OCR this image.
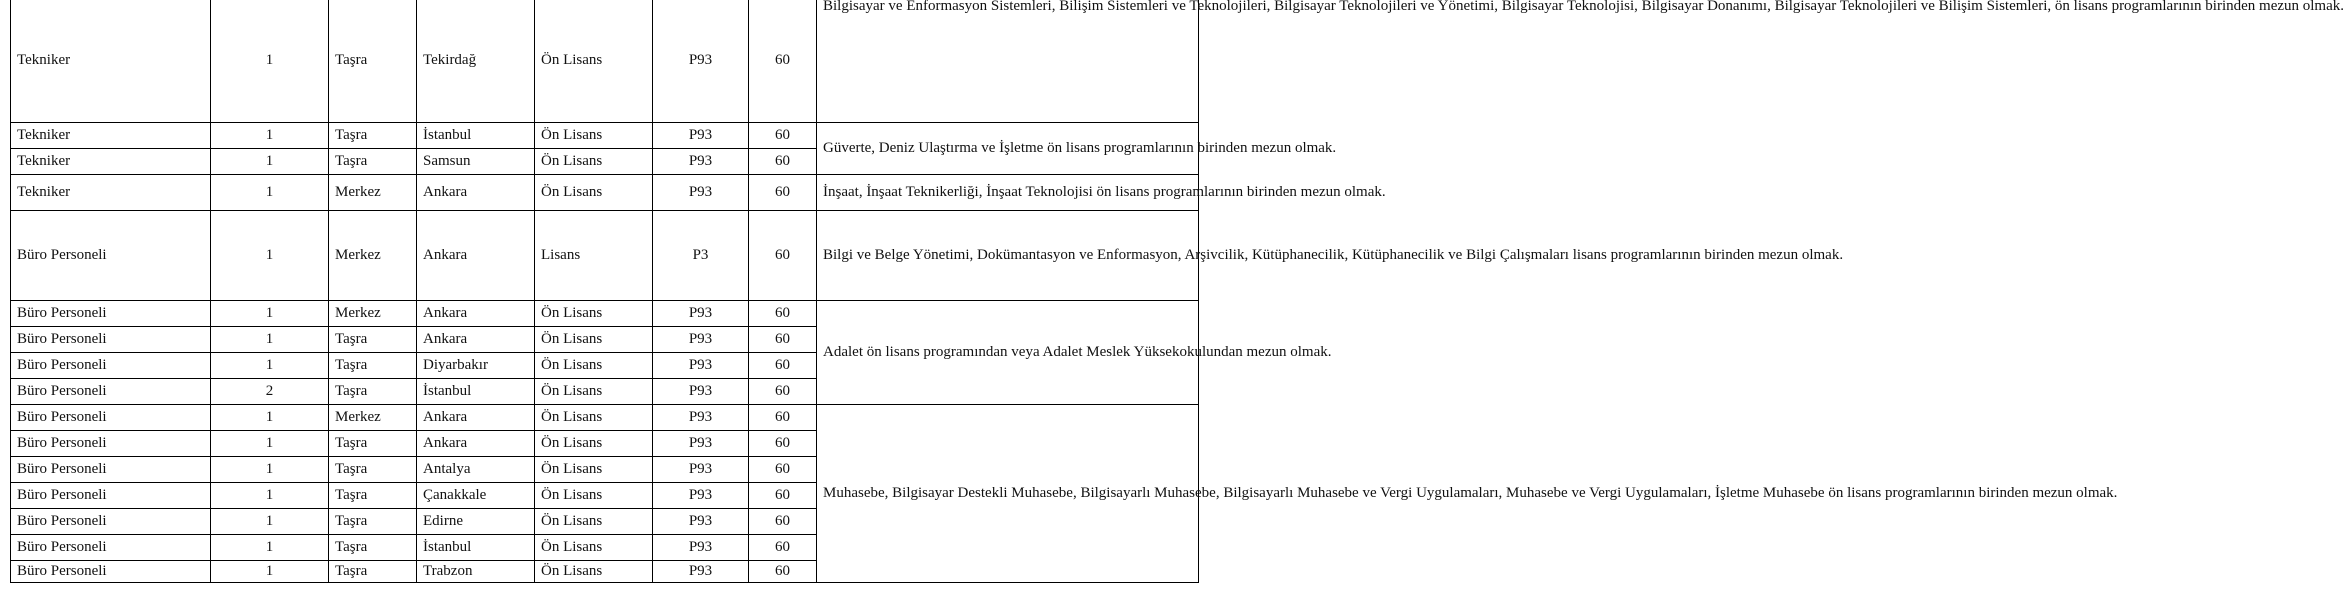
Tekniker	1	Taşra	Tekirdağ	Ön Lisans	P93	60	Bilgisayar ve Enformasyon Sistemleri, Bilişim Sistemleri ve Teknolojileri, Bilgisayar Teknolojileri ve Yönetimi, Bilgisayar Teknolojisi, Bilgisayar Donanımı, Bilgisayar Teknolojileri ve Bilişim Sistemleri, ön lisans programlarının birinden mezun olmak.
Tekniker	1	Taşra	İstanbul	Ön Lisans	P93	60	Güverte, Deniz Ulaştırma ve İşletme ön lisans programlarının birinden mezun olmak.
Tekniker	1	Taşra	Samsun	Ön Lisans	P93	60	
Tekniker	1	Merkez	Ankara	Ön Lisans	P93	60	İnşaat, İnşaat Teknikerliği, İnşaat Teknolojisi ön lisans programlarının birinden mezun olmak.
Büro Personeli	1	Merkez	Ankara	Lisans	P3	60	Bilgi ve Belge Yönetimi, Dokümantasyon ve Enformasyon, Arşivcilik, Kütüphanecilik, Kütüphanecilik ve Bilgi Çalışmaları lisans programlarının birinden mezun olmak.
Büro Personeli	1	Merkez	Ankara	Ön Lisans	P93	60	Adalet ön lisans programından veya Adalet Meslek Yüksekokulundan mezun olmak.
Büro Personeli	1	Taşra	Ankara	Ön Lisans	P93	60	
Büro Personeli	1	Taşra	Diyarbakır	Ön Lisans	P93	60	
Büro Personeli	2	Taşra	İstanbul	Ön Lisans	P93	60	
Büro Personeli	1	Merkez	Ankara	Ön Lisans	P93	60	Muhasebe, Bilgisayar Destekli Muhasebe, Bilgisayarlı Muhasebe, Bilgisayarlı Muhasebe ve Vergi Uygulamaları, Muhasebe ve Vergi Uygulamaları, İşletme Muhasebe ön lisans programlarının birinden mezun olmak.
Büro Personeli	1	Taşra	Ankara	Ön Lisans	P93	60	
Büro Personeli	1	Taşra	Antalya	Ön Lisans	P93	60	
Büro Personeli	1	Taşra	Çanakkale	Ön Lisans	P93	60	
Büro Personeli	1	Taşra	Edirne	Ön Lisans	P93	60	
Büro Personeli	1	Taşra	İstanbul	Ön Lisans	P93	60	
Büro Personeli	1	Taşra	Trabzon	Ön Lisans	P93	60	
